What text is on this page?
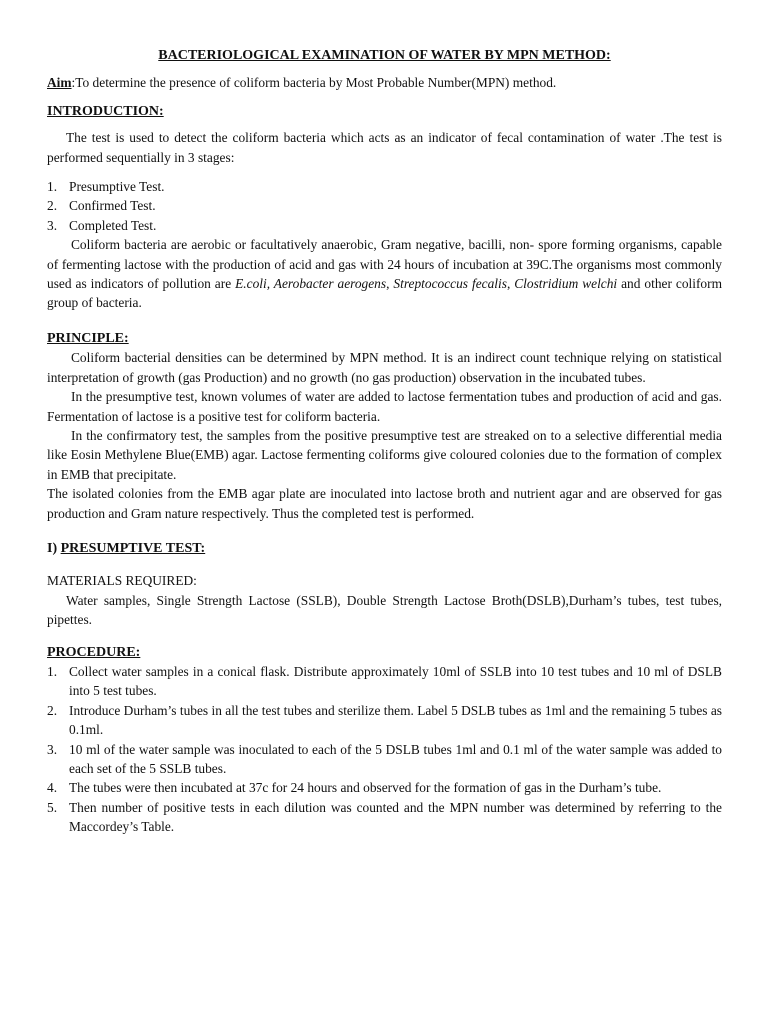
BACTERIOLOGICAL EXAMINATION OF WATER BY MPN METHOD:

Aim:To determine the presence of coliform bacteria by Most Probable Number(MPN) method.

INTRODUCTION:

The test is used to detect the coliform bacteria which acts as an indicator of fecal contamination of water .The test is performed sequentially in 3 stages:

1. Presumptive Test.
2. Confirmed Test.
3. Completed Test.

Coliform bacteria are aerobic or facultatively anaerobic, Gram negative, bacilli, non- spore forming organisms, capable of fermenting lactose with the production of acid and gas with 24 hours of incubation at 39C.The organisms most commonly used as indicators of pollution are E.coli, Aerobacter aerogens, Streptococcus fecalis, Clostridium welchi and other coliform group of bacteria.

PRINCIPLE:

Coliform bacterial densities can be determined by MPN method. It is an indirect count technique relying on statistical interpretation of growth (gas Production) and no growth (no gas production) observation in the incubated tubes.

In the presumptive test, known volumes of water are added to lactose fermentation tubes and production of acid and gas. Fermentation of lactose is a positive test for coliform bacteria.

In the confirmatory test, the samples from the positive presumptive test are streaked on to a selective differential media like Eosin Methylene Blue(EMB) agar. Lactose fermenting coliforms give coloured colonies due to the formation of complex in EMB that precipitate.

The isolated colonies from the EMB agar plate are inoculated into lactose broth and nutrient agar and are observed for gas production and Gram nature respectively. Thus the completed test is performed.

I) PRESUMPTIVE TEST:

MATERIALS REQUIRED:

Water samples, Single Strength Lactose (SSLB), Double Strength Lactose Broth(DSLB),Durham’s tubes, test tubes, pipettes.

PROCEDURE:

1. Collect water samples in a conical flask. Distribute approximately 10ml of SSLB into 10 test tubes and 10 ml of DSLB into 5 test tubes.
2. Introduce Durham’s tubes in all the test tubes and sterilize them. Label 5 DSLB tubes as 1ml and the remaining 5 tubes as 0.1ml.
3. 10 ml of the water sample was inoculated to each of the 5 DSLB tubes 1ml and 0.1 ml of the water sample was added to each set of the 5 SSLB tubes.
4. The tubes were then incubated at 37c for 24 hours and observed for the formation of gas in the Durham’s tube.
5. Then number of positive tests in each dilution was counted and the MPN number was determined by referring to the Maccordey’s Table.
